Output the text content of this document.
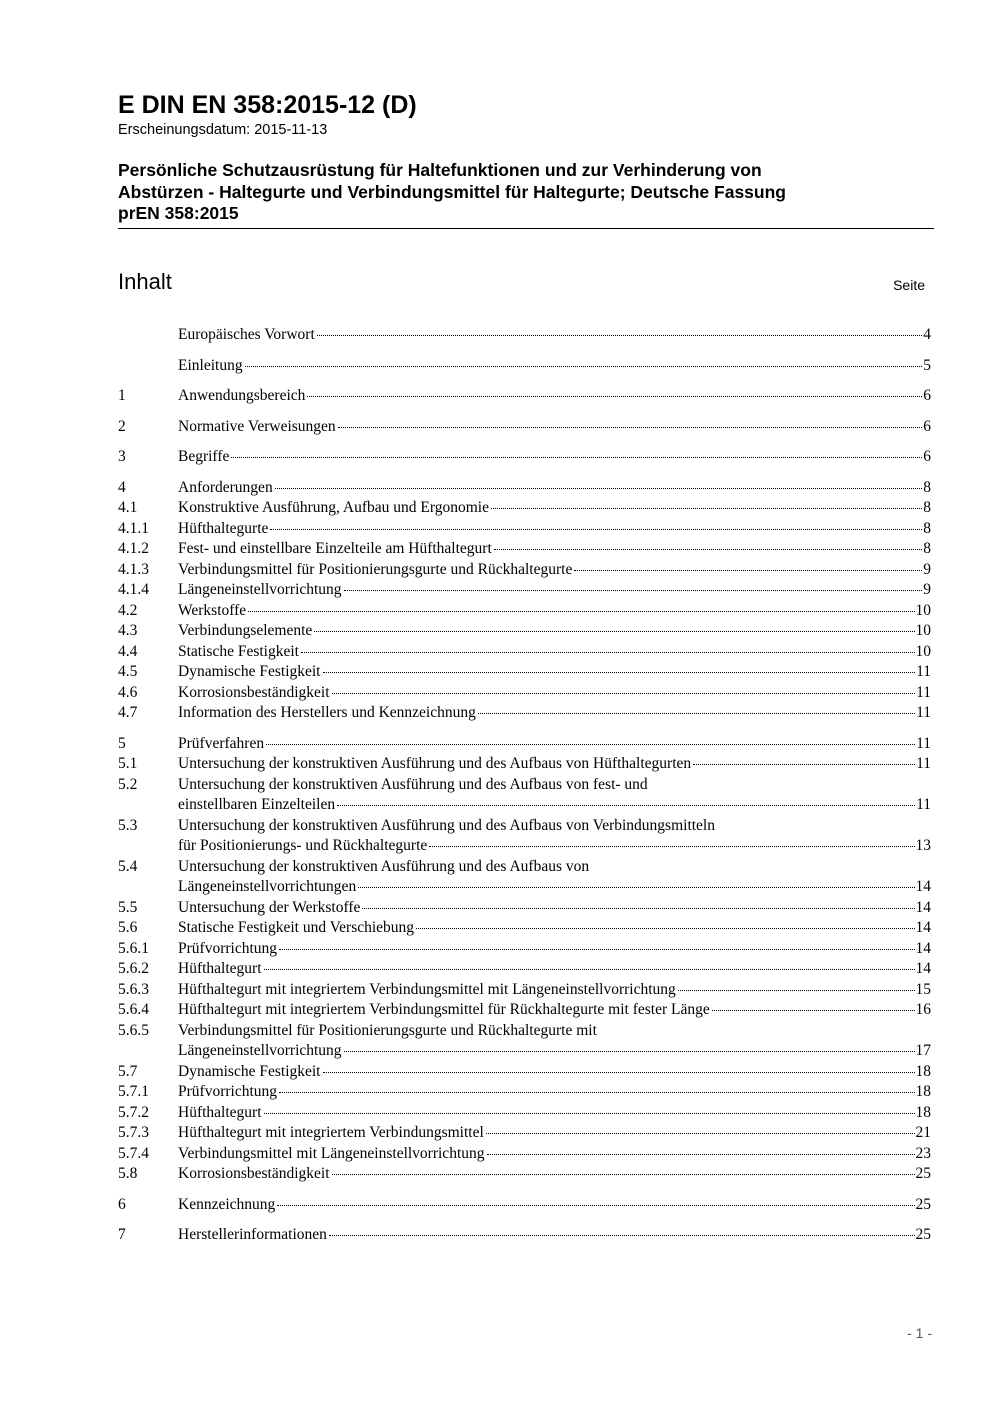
E DIN EN 358:2015-12 (D)
Erscheinungsdatum: 2015-11-13
Persönliche Schutzausrüstung für Haltefunktionen und zur Verhinderung von
Abstürzen - Haltegurte und Verbindungsmittel für Haltegurte; Deutsche Fassung
prEN 358:2015
Inhalt	Seite
Europäisches Vorwort	4
Einleitung	5
1	Anwendungsbereich	6
2	Normative Verweisungen	6
3	Begriffe	6
4	Anforderungen	8
4.1	Konstruktive Ausführung, Aufbau und Ergonomie	8
4.1.1	Hüfthaltegurte	8
4.1.2	Fest- und einstellbare Einzelteile am Hüfthaltegurt	8
4.1.3	Verbindungsmittel für Positionierungsgurte und Rückhaltegurte	9
4.1.4	Längeneinstellvorrichtung	9
4.2	Werkstoffe	10
4.3	Verbindungselemente	10
4.4	Statische Festigkeit	10
4.5	Dynamische Festigkeit	11
4.6	Korrosionsbeständigkeit	11
4.7	Information des Herstellers und Kennzeichnung	11
5	Prüfverfahren	11
5.1	Untersuchung der konstruktiven Ausführung und des Aufbaus von Hüfthaltegurten	11
5.2	Untersuchung der konstruktiven Ausführung und des Aufbaus von fest- und
einstellbaren Einzelteilen	11
5.3	Untersuchung der konstruktiven Ausführung und des Aufbaus von Verbindungsmitteln
für Positionierungs- und Rückhaltegurte	13
5.4	Untersuchung der konstruktiven Ausführung und des Aufbaus von
Längeneinstellvorrichtungen	14
5.5	Untersuchung der Werkstoffe	14
5.6	Statische Festigkeit und Verschiebung	14
5.6.1	Prüfvorrichtung	14
5.6.2	Hüfthaltegurt	14
5.6.3	Hüfthaltegurt mit integriertem Verbindungsmittel mit Längeneinstellvorrichtung	15
5.6.4	Hüfthaltegurt mit integriertem Verbindungsmittel für Rückhaltegurte mit fester Länge	16
5.6.5	Verbindungsmittel für Positionierungsgurte und Rückhaltegurte mit
Längeneinstellvorrichtung	17
5.7	Dynamische Festigkeit	18
5.7.1	Prüfvorrichtung	18
5.7.2	Hüfthaltegurt	18
5.7.3	Hüfthaltegurt mit integriertem Verbindungsmittel	21
5.7.4	Verbindungsmittel mit Längeneinstellvorrichtung	23
5.8	Korrosionsbeständigkeit	25
6	Kennzeichnung	25
7	Herstellerinformationen	25
- 1 -
